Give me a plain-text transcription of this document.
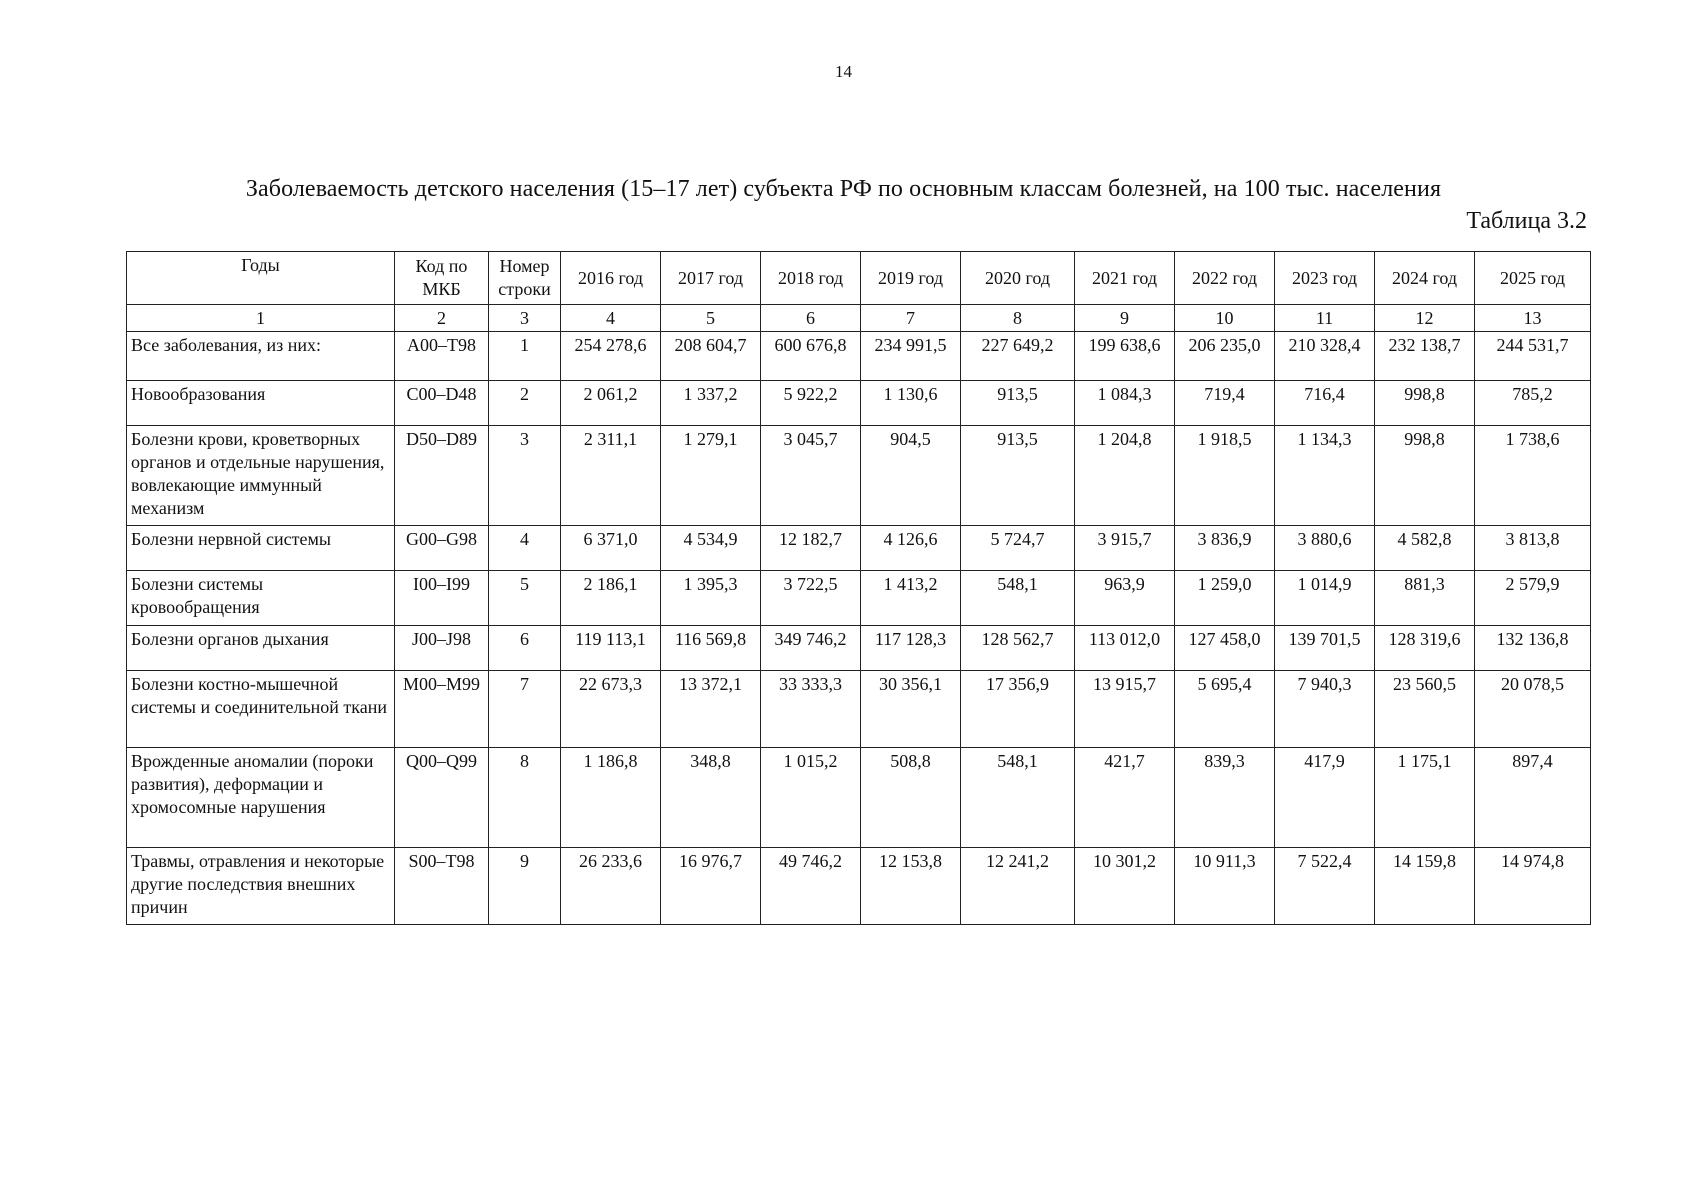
14
Заболеваемость детского населения (15–17 лет) субъекта РФ по основным классам болезней, на 100 тыс. населения
Таблица 3.2
Годы	Код по МКБ	Номер строки	2016 год	2017 год	2018 год	2019 год	2020 год	2021 год	2022 год	2023 год	2024 год	2025 год
1	2	3	4	5	6	7	8	9	10	11	12	13
Все заболевания, из них:	A00–T98	1	254 278,6	208 604,7	600 676,8	234 991,5	227 649,2	199 638,6	206 235,0	210 328,4	232 138,7	244 531,7
Новообразования	C00–D48	2	2 061,2	1 337,2	5 922,2	1 130,6	913,5	1 084,3	719,4	716,4	998,8	785,2
Болезни крови, кроветворных органов и отдельные нарушения, вовлекающие иммунный механизм	D50–D89	3	2 311,1	1 279,1	3 045,7	904,5	913,5	1 204,8	1 918,5	1 134,3	998,8	1 738,6
Болезни нервной системы	G00–G98	4	6 371,0	4 534,9	12 182,7	4 126,6	5 724,7	3 915,7	3 836,9	3 880,6	4 582,8	3 813,8
Болезни системы кровообращения	I00–I99	5	2 186,1	1 395,3	3 722,5	1 413,2	548,1	963,9	1 259,0	1 014,9	881,3	2 579,9
Болезни органов дыхания	J00–J98	6	119 113,1	116 569,8	349 746,2	117 128,3	128 562,7	113 012,0	127 458,0	139 701,5	128 319,6	132 136,8
Болезни костно-мышечной системы и соединительной ткани	M00–M99	7	22 673,3	13 372,1	33 333,3	30 356,1	17 356,9	13 915,7	5 695,4	7 940,3	23 560,5	20 078,5
Врожденные аномалии (пороки развития), деформации и хромосомные нарушения	Q00–Q99	8	1 186,8	348,8	1 015,2	508,8	548,1	421,7	839,3	417,9	1 175,1	897,4
Травмы, отравления и некоторые другие последствия внешних причин	S00–T98	9	26 233,6	16 976,7	49 746,2	12 153,8	12 241,2	10 301,2	10 911,3	7 522,4	14 159,8	14 974,8
